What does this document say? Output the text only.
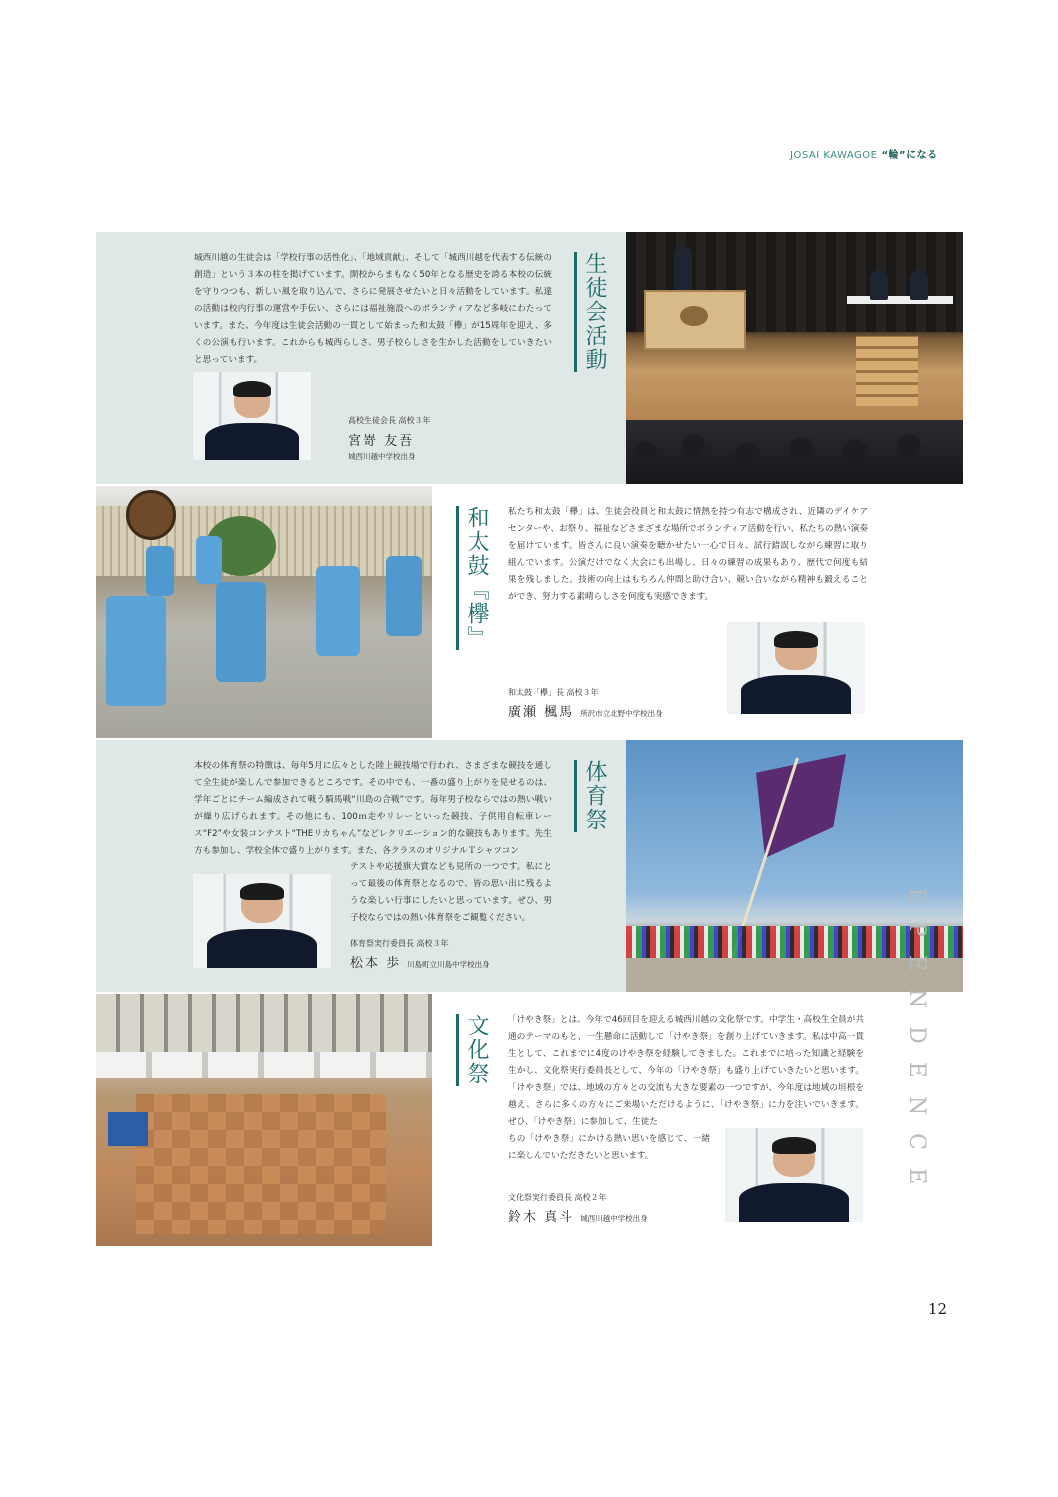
JOSAI KAWAGOE “輪”になる
城西川越の生徒会は「学校行事の活性化」、「地域貢献」、そして「城西川越を代表する伝統の創造」という３本の柱を掲げています。開校からまもなく50年となる歴史を誇る本校の伝統を守りつつも、新しい風を取り込んで、さらに発展させたいと日々活動をしています。私達の活動は校内行事の運営や手伝い、さらには福祉施設へのボランティアなど多岐にわたっています。また、今年度は生徒会活動の一貫として始まった和太鼓「欅」が15周年を迎え、多くの公演も行います。これからも城西らしさ、男子校らしさを生かした活動をしていきたいと思っています。	生徒会活動
高校生徒会長 高校３年
宮嵜 友吾
城西川越中学校出身
和太鼓『欅』 私たち和太鼓「欅」は、生徒会役員と和太鼓に情熱を持つ有志で構成され、近隣のデイケアセンターや、お祭り、福祉などさまざまな場所でボランティア活動を行い、私たちの熱い演奏を届けています。皆さんに良い演奏を聴かせたい一心で日々、試行錯誤しながら練習に取り組んでいます。公演だけでなく大会にも出場し、日々の練習の成果もあり、歴代で何度も結果を残しました。技術の向上はもちろん仲間と助け合い、競い合いながら精神も鍛えることができ、努力する素晴らしさを何度も実感できます。
和太鼓「欅」長 高校３年
廣瀬 楓馬 所沢市立北野中学校出身
本校の体育祭の特徴は、毎年5月に広々とした陸上競技場で行われ、さまざまな競技を通して全生徒が楽しんで参加できるところです。その中でも、一番の盛り上がりを見せるのは、学年ごとにチーム編成されて戦う騎馬戦“川島の合戦”です。毎年男子校ならではの熱い戦いが繰り広げられます。その他にも、100ｍ走やリレーといった競技、子供用自転車レース“F2”や女装コンテスト“THEリカちゃん”などレクリエーション的な競技もあります。先生方も参加し、学校全体で盛り上がります。また、各クラスのオリジナルＴシャツコン
テストや応援旗大賞なども見所の一つです。私にとって最後の体育祭となるので、皆の思い出に残るような楽しい行事にしたいと思っています。ぜひ、男子校ならではの熱い体育祭をご観覧ください。
体育祭
体育祭実行委員長 高校３年
松本 歩 川島町立川島中学校出身
文化祭 「けやき祭」とは、今年で46回目を迎える城西川越の文化祭です。中学生・高校生全員が共通のテーマのもと、一生懸命に活動して「けやき祭」を創り上げていきます。私は中高一貫生として、これまでに4度のけやき祭を経験してきました。これまでに培った知識と経験を生かし、文化祭実行委員長として、今年の「けやき祭」も盛り上げていきたいと思います。「けやき祭」では、地域の方々との交流も大きな要素の一つですが、今年度は地域の垣根を越え、さらに多くの方々にご来場いただけるように、「けやき祭」に力を注いでいきます。ぜひ、「けやき祭」に参加して、生徒た
ちの「けやき祭」にかける熱い思いを感じて、一緒に楽しんでいただきたいと思います。
文化祭実行委員長 高校２年
鈴木 真斗 城西川越中学校出身
EPENDENCE
12
